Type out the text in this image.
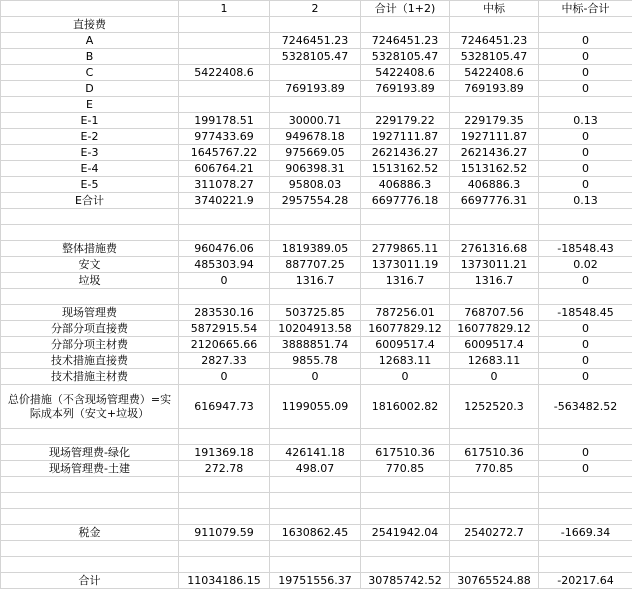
	1	2	合计（1+2)	中标	中标-合计
直接费					
A		7246451.23	7246451.23	7246451.23	0
B		5328105.47	5328105.47	5328105.47	0
C	5422408.6		5422408.6	5422408.6	0
D		769193.89	769193.89	769193.89	0
E					
E-1	199178.51	30000.71	229179.22	229179.35	0.13
E-2	977433.69	949678.18	1927111.87	1927111.87	0
E-3	1645767.22	975669.05	2621436.27	2621436.27	0
E-4	606764.21	906398.31	1513162.52	1513162.52	0
E-5	311078.27	95808.03	406886.3	406886.3	0
E合计	3740221.9	2957554.28	6697776.18	6697776.31	0.13

整体措施费	960476.06	1819389.05	2779865.11	2761316.68	-18548.43
安文	485303.94	887707.25	1373011.19	1373011.21	0.02
垃圾	0	1316.7	1316.7	1316.7	0

现场管理费	283530.16	503725.85	787256.01	768707.56	-18548.45
分部分项直接费	5872915.54	10204913.58	16077829.12	16077829.12	0
分部分项主材费	2120665.66	3888851.74	6009517.4	6009517.4	0
技术措施直接费	2827.33	9855.78	12683.11	12683.11	0
技术措施主材费	0	0	0	0	0
总价措施（不含现场管理费）=实际成本列（安文+垃圾）	616947.73	1199055.09	1816002.82	1252520.3	-563482.52

现场管理费-绿化	191369.18	426141.18	617510.36	617510.36	0
现场管理费-土建	272.78	498.07	770.85	770.85	0

税金	911079.59	1630862.45	2541942.04	2540272.7	-1669.34

合计	11034186.15	19751556.37	30785742.52	30765524.88	-20217.64
